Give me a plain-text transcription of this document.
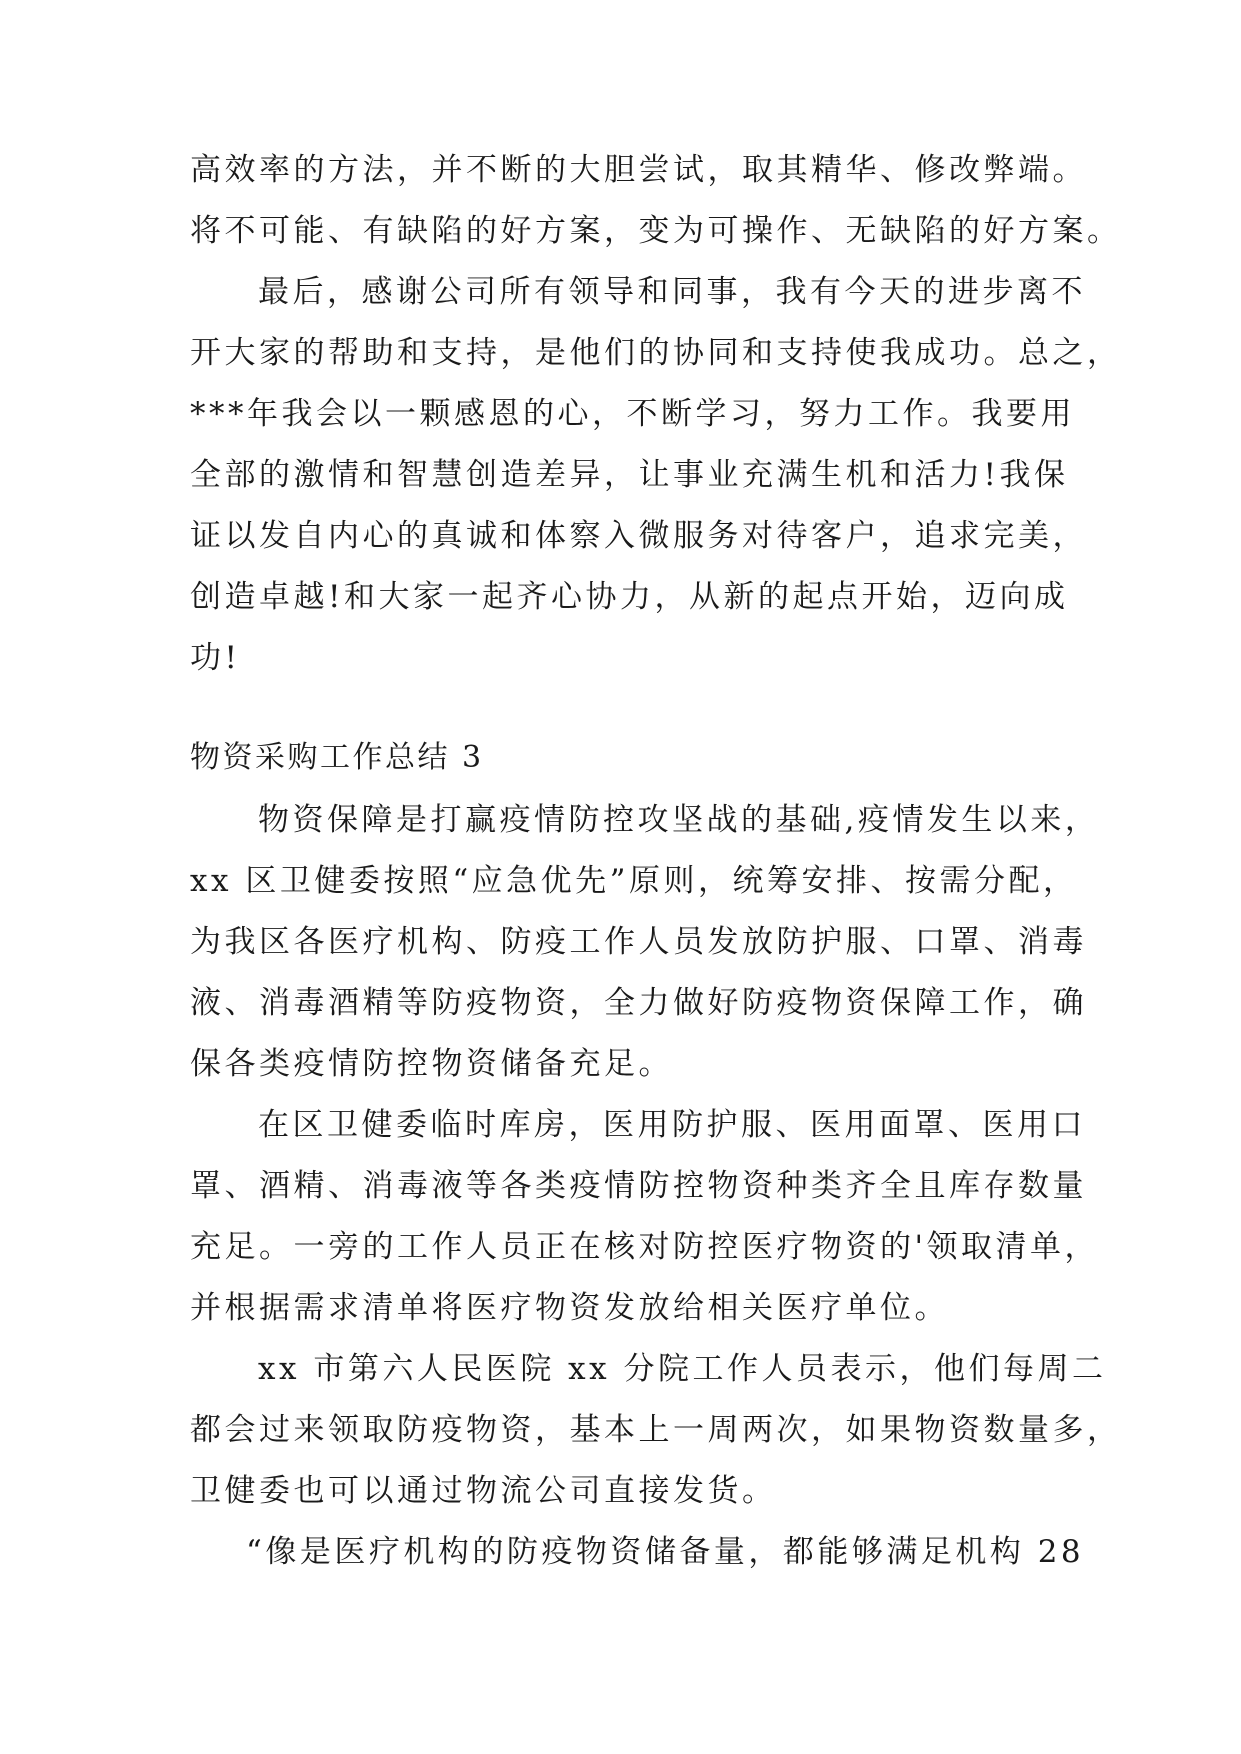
高效率的方法，并不断的大胆尝试，取其精华、修改弊端。
将不可能、有缺陷的好方案，变为可操作、无缺陷的好方案。
最后，感谢公司所有领导和同事，我有今天的进步离不
开大家的帮助和支持，是他们的协同和支持使我成功。总之，
***年我会以一颗感恩的心，不断学习，努力工作。我要用
全部的激情和智慧创造差异，让事业充满生机和活力!我保
证以发自内心的真诚和体察入微服务对待客户，追求完美，
创造卓越!和大家一起齐心协力，从新的起点开始，迈向成
功!
物资采购工作总结 3
物资保障是打赢疫情防控攻坚战的基础,疫情发生以来，
xx 区卫健委按照“应急优先”原则，统筹安排、按需分配，
为我区各医疗机构、防疫工作人员发放防护服、口罩、消毒
液、消毒酒精等防疫物资，全力做好防疫物资保障工作，确
保各类疫情防控物资储备充足。
在区卫健委临时库房，医用防护服、医用面罩、医用口
罩、酒精、消毒液等各类疫情防控物资种类齐全且库存数量
充足。一旁的工作人员正在核对防控医疗物资的'领取清单，
并根据需求清单将医疗物资发放给相关医疗单位。
xx 市第六人民医院 xx 分院工作人员表示，他们每周二
都会过来领取防疫物资，基本上一周两次，如果物资数量多，
卫健委也可以通过物流公司直接发货。
“像是医疗机构的防疫物资储备量，都能够满足机构 28
